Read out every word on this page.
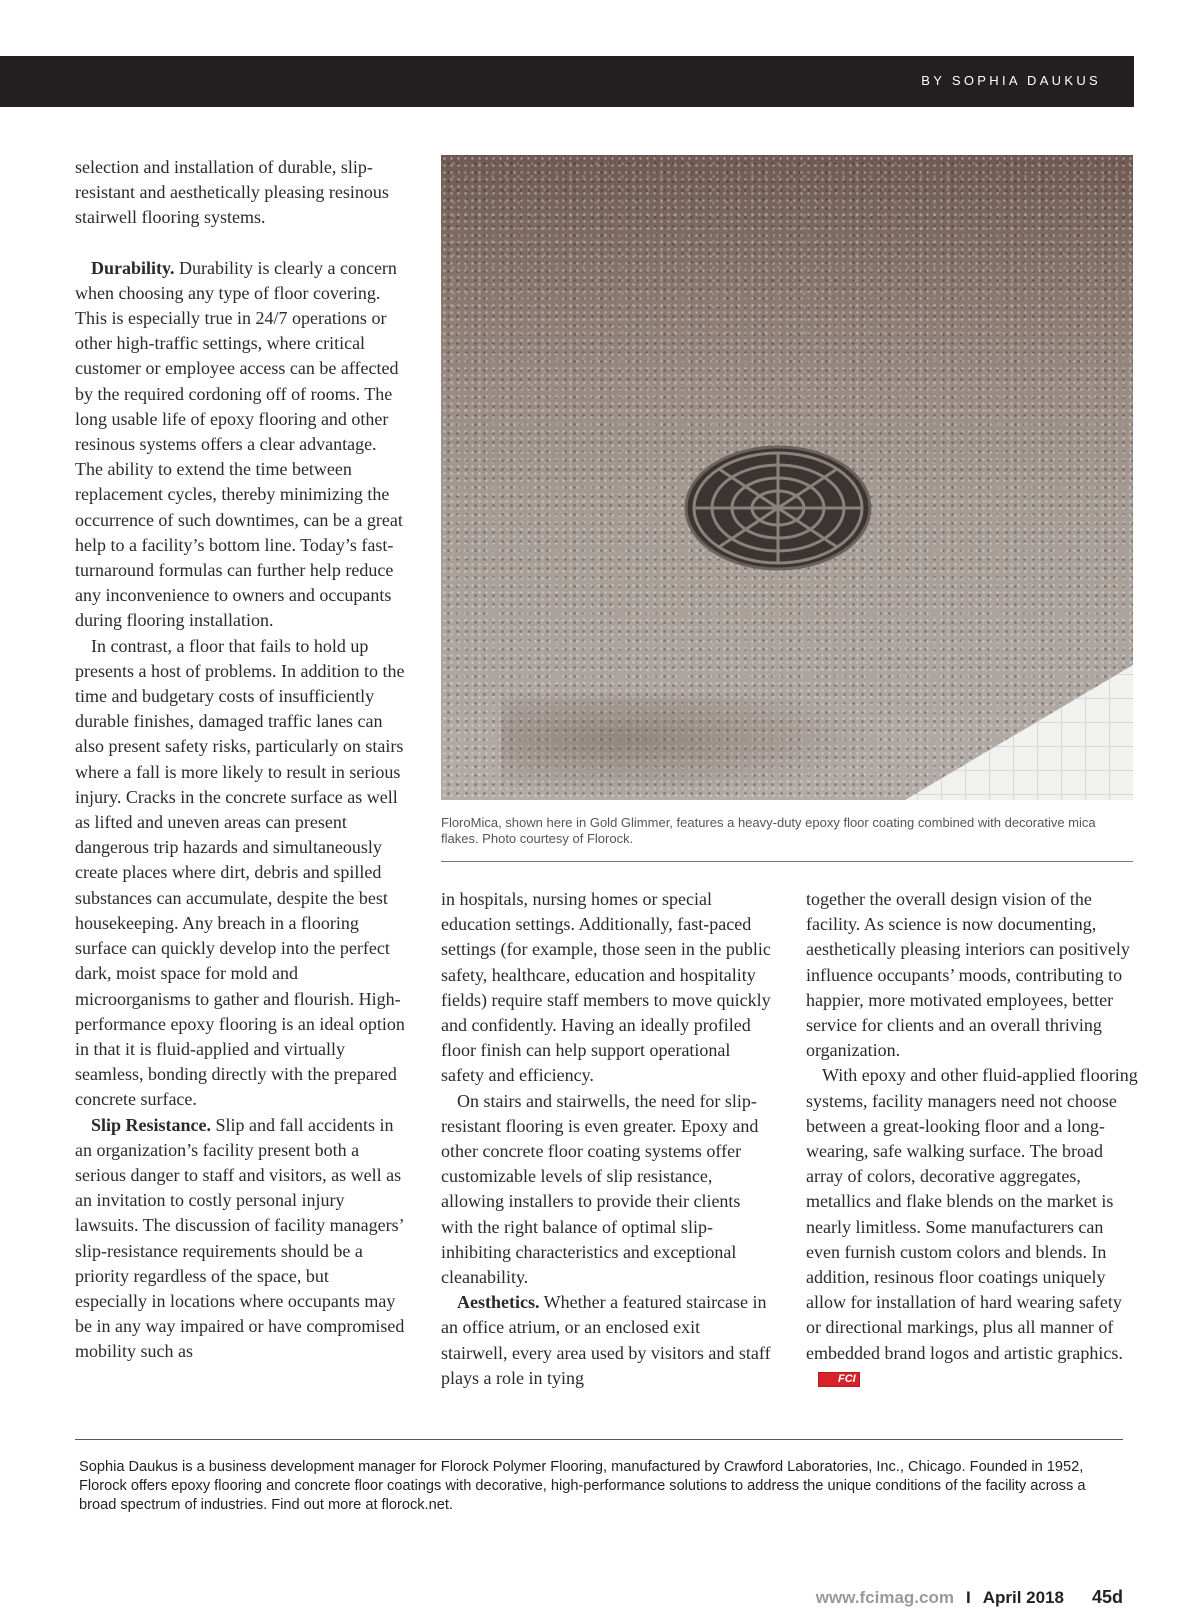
BY SOPHIA DAUKUS

selection and installation of durable, slip-resistant and aesthetically pleasing resinous stairwell flooring systems.

Durability. Durability is clearly a concern when choosing any type of floor covering. This is especially true in 24/7 operations or other high-traffic settings, where critical customer or employee access can be affected by the required cordoning off of rooms. The long usable life of epoxy flooring and other resinous systems offers a clear advantage. The ability to extend the time between replacement cycles, thereby minimizing the occurrence of such downtimes, can be a great help to a facility’s bottom line. Today’s fast-turnaround formulas can further help reduce any inconvenience to owners and occupants during flooring installation.

In contrast, a floor that fails to hold up presents a host of problems. In addition to the time and budgetary costs of insufficiently durable finishes, damaged traffic lanes can also present safety risks, particularly on stairs where a fall is more likely to result in serious injury. Cracks in the concrete surface as well as lifted and uneven areas can present dangerous trip hazards and simultaneously create places where dirt, debris and spilled substances can accumulate, despite the best housekeeping. Any breach in a flooring surface can quickly develop into the perfect dark, moist space for mold and microorganisms to gather and flourish. High-performance epoxy flooring is an ideal option in that it is fluid-applied and virtually seamless, bonding directly with the prepared concrete surface.

Slip Resistance. Slip and fall accidents in an organization’s facility present both a serious danger to staff and visitors, as well as an invitation to costly personal injury lawsuits. The discussion of facility managers’ slip-resistance requirements should be a priority regardless of the space, but especially in locations where occupants may be in any way impaired or have compromised mobility such as

FloroMica, shown here in Gold Glimmer, features a heavy-duty epoxy floor coating combined with decorative mica flakes. Photo courtesy of Florock.

in hospitals, nursing homes or special education settings. Additionally, fast-paced settings (for example, those seen in the public safety, healthcare, education and hospitality fields) require staff members to move quickly and confidently. Having an ideally profiled floor finish can help support operational safety and efficiency.

On stairs and stairwells, the need for slip-resistant flooring is even greater. Epoxy and other concrete floor coating systems offer customizable levels of slip resistance, allowing installers to provide their clients with the right balance of optimal slip-inhibiting characteristics and exceptional cleanability.

Aesthetics. Whether a featured staircase in an office atrium, or an enclosed exit stairwell, every area used by visitors and staff plays a role in tying

together the overall design vision of the facility. As science is now documenting, aesthetically pleasing interiors can positively influence occupants’ moods, contributing to happier, more motivated employees, better service for clients and an overall thriving organization.

With epoxy and other fluid-applied flooring systems, facility managers need not choose between a great-looking floor and a long-wearing, safe walking surface. The broad array of colors, decorative aggregates, metallics and flake blends on the market is nearly limitless. Some manufacturers can even furnish custom colors and blends. In addition, resinous floor coatings uniquely allow for installation of hard wearing safety or directional markings, plus all manner of embedded brand logos and artistic graphics.FCI

Sophia Daukus is a business development manager for Florock Polymer Flooring, manufactured by Crawford Laboratories, Inc., Chicago. Founded in 1952, Florock offers epoxy flooring and concrete floor coatings with decorative, high-performance solutions to address the unique conditions of the facility across a broad spectrum of industries. Find out more at florock.net.
www.fcimag.com I April 2018 45d
